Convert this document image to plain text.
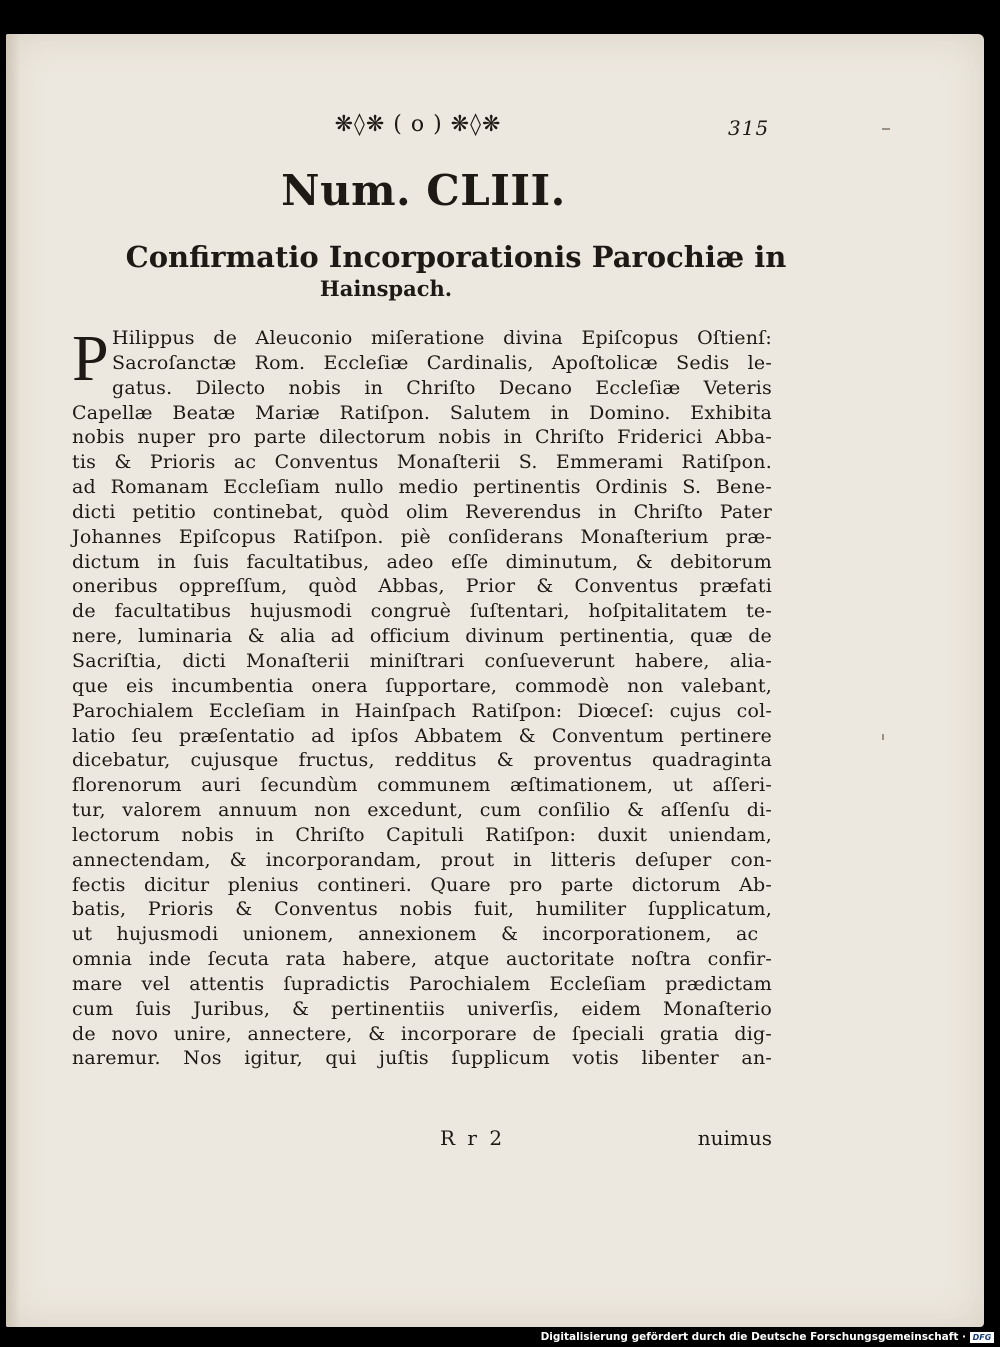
❋◊❋ ( o ) ❋◊❋	315
Num. CLIII.
Confirmatio Incorporationis Parochiæ in
Hainspach.
P Hilippus de Aleuconio miſeratione divina Epiſcopus Oſtienſ:
Sacroſanctæ Rom. Eccleſiæ Cardinalis, Apoſtolicæ Sedis le-
gatus. Dilecto nobis in Chriſto Decano Eccleſiæ Veteris
Capellæ Beatæ Mariæ Ratiſpon. Salutem in Domino. Exhibita
nobis nuper pro parte dilectorum nobis in Chriſto Friderici Abba-
tis & Prioris ac Conventus Monaſterii S. Emmerami Ratiſpon.
ad Romanam Eccleſiam nullo medio pertinentis Ordinis S. Bene-
dicti petitio continebat, quòd olim Reverendus in Chriſto Pater
Johannes Epiſcopus Ratiſpon. piè conſiderans Monaſterium præ-
dictum in ſuis facultatibus, adeo eſſe diminutum, & debitorum
oneribus oppreſſum, quòd Abbas, Prior & Conventus præfati
de facultatibus hujusmodi congruè ſuſtentari, hoſpitalitatem te-
nere, luminaria & alia ad officium divinum pertinentia, quæ de
Sacriſtia, dicti Monaſterii miniſtrari conſueverunt habere, alia-
que eis incumbentia onera ſupportare, commodè non valebant,
Parochialem Eccleſiam in Hainſpach Ratiſpon: Diœceſ: cujus col-
latio ſeu præſentatio ad ipſos Abbatem & Conventum pertinere
dicebatur, cujusque fructus, redditus & proventus quadraginta
florenorum auri ſecundùm communem æſtimationem, ut aſſeri-
tur, valorem annuum non excedunt, cum conſilio & aſſenſu di-
lectorum nobis in Chriſto Capituli Ratiſpon: duxit uniendam,
annectendam, & incorporandam, prout in litteris deſuper con-
fectis dicitur plenius contineri. Quare pro parte dictorum Ab-
batis, Prioris & Conventus nobis fuit, humiliter ſupplicatum,
ut hujusmodi unionem, annexionem & incorporationem, ac
omnia inde ſecuta rata habere, atque auctoritate noſtra confir-
mare vel attentis ſupradictis Parochialem Eccleſiam prædictam
cum ſuis Juribus, & pertinentiis univerſis, eidem Monaſterio
de novo unire, annectere, & incorporare de ſpeciali gratia dig-
naremur. Nos igitur, qui juſtis ſupplicum votis libenter an-
R r 2	nuimus
Digitalisierung gefördert durch die Deutsche Forschungsgemeinschaft · DFG
